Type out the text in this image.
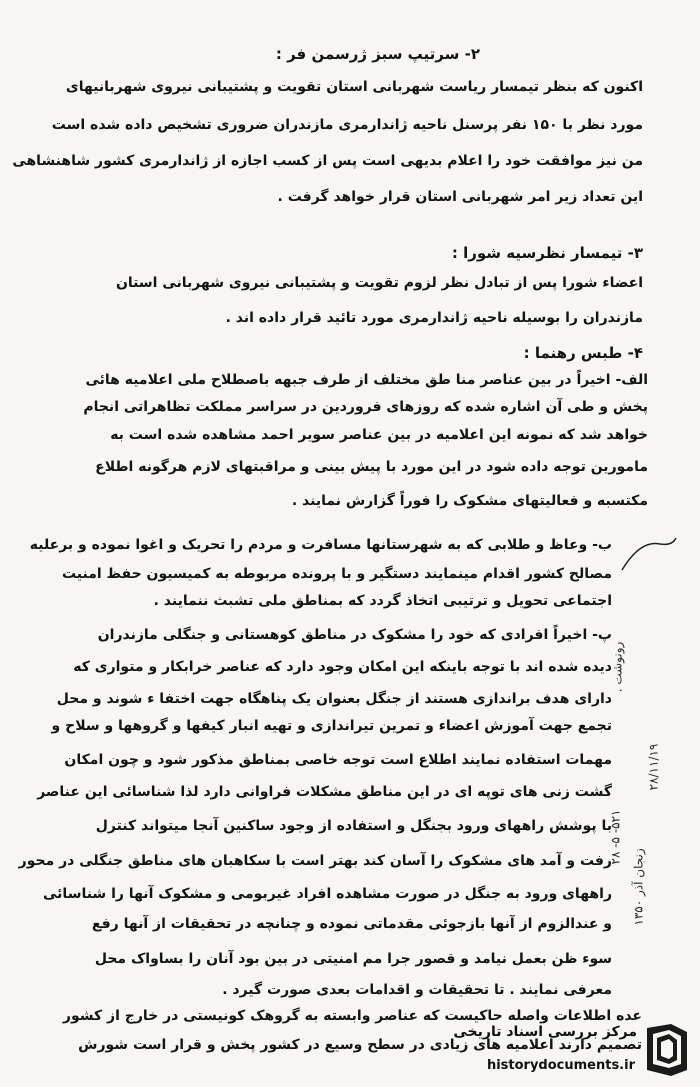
۲- سرتیپ سبز ژرسمن فر :
اکنون که بنظر تیمسار ریاست شهربانی استان تقویت و پشتیبانی نیروی شهربانیهای
مورد نظر با ۱۵۰ نفر پرسنل ناحیه ژاندارمری مازندران ضروری تشخیص داده شده است
من نیز موافقت خود را اعلام بدیهی است پس از کسب اجازه از ژاندارمری کشور شاهنشاهی
این تعداد زیر امر شهربانی استان قرار خواهد گرفت .
۳- تیمسار نظرسیه شورا :
اعضاء شورا پس از تبادل نظر لزوم تقویت و پشتیبانی نیروی شهربانی استان
مازندران را بوسیله ناحیه ژاندارمری مورد تائید قرار داده اند .
۴- طبس رهنما :
الف- اخیراً در بین عناصر منا طق مختلف از طرف جبهه باصطلاح ملی اعلامیه هائی
پخش و طی آن اشاره شده که روزهای فروردین در سراسر مملکت تظاهراتی انجام
خواهد شد که نمونه این اعلامیه در بین عناصر سویر احمد مشاهده شده است به
مامورین توجه داده شود در این مورد با پیش بینی و مراقبتهای لازم هرگونه اطلاع
مکتسبه و فعالیتهای مشکوک را فوراً گزارش نمایند .
ب- وعاظ و طلابی که به شهرستانها مسافرت و مردم را تحریک و اغوا نموده و برعلیه
مصالح کشور اقدام مینمایند دستگیر و با پرونده مربوطه به کمیسیون حفظ امنیت
اجتماعی تحویل و ترتیبی اتخاذ گردد که بمناطق ملی تشبث ننمایند .
پ- اخیراً افرادی که خود را مشکوک در مناطق کوهستانی و جنگلی مازندران
دیده شده اند با توجه باینکه این امکان وجود دارد که عناصر خرابکار و متواری که
دارای هدف براندازی هستند از جنگل بعنوان یک پناهگاه جهت اختفا ء شوند و محل
تجمع جهت آموزش اعضاء و تمرین تیراندازی و تهیه انبار کیفها و گروهها و سلاح و
مهمات استفاده نمایند اطلاع است توجه خاصی بمناطق مذکور شود و چون امکان
گشت زنی های توپه ای در این مناطق مشکلات فراوانی دارد لذا شناسائی این عناصر
با پوشش راههای ورود بجنگل و استفاده از وجود ساکنین آنجا میتواند کنترل
رفت و آمد های مشکوک را آسان کند بهتر است با سکاهبان های مناطق جنگلی در محور
راههای ورود به جنگل در صورت مشاهده افراد غیربومی و مشکوک آنها را شناسائی
و عندالزوم از آنها بازجوئی مقدماتی نموده و چنانچه در تحقیقات از آنها رفع
سوء ظن بعمل نیامد و قصور جرا مم امنیتی در بین بود آنان را بساواک محل
معرفی نمایند . تا تحقیقات و اقدامات بعدی صورت گیرد .
عده اطلاعات واصله حاکیست که عناصر وابسته به گروهک کونیستی در خارج از کشور
تصمیم دارند اعلامیه های زیادی در سطح وسیع در کشور پخش و قرار است شورش
رونوشت .
۵۲۱- ۵- ۲۸
۲۸/۱۱/۱۹
زنجان آذر ۱۳۵۰
مرکز بررسی اسناد تاریخی
historydocuments.ir
